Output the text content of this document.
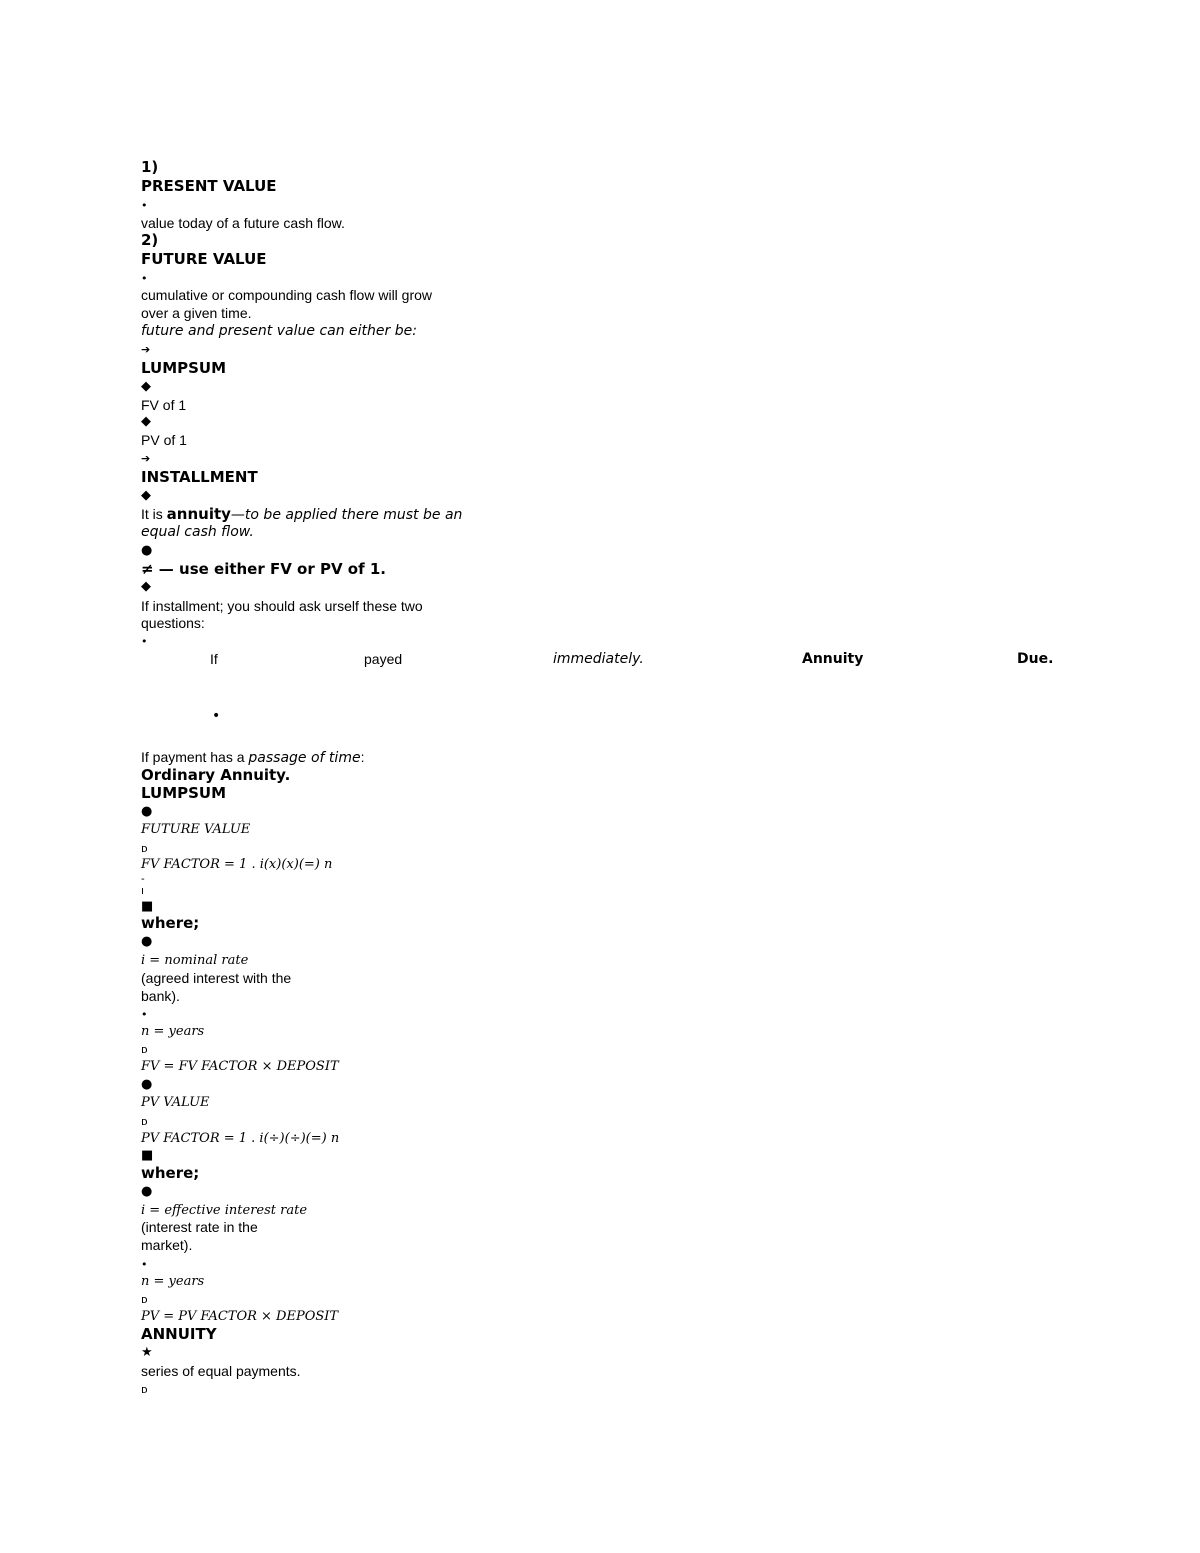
1)
PRESENT VALUE
•
value today of a future cash flow.
2)
FUTURE VALUE
•
cumulative or compounding cash flow will grow
over a given time.
future and present value can either be:
➔
LUMPSUM
◆
FV of 1
◆
PV of 1
➔
INSTALLMENT
◆
It is annuity—to be applied there must be an
equal cash flow.
●
≠ — use either FV or PV of 1.
◆
If installment; you should ask urself these two
questions:
•
If	payed	immediately.	Annuity	Due.
•
If payment has a passage of time:
Ordinary Annuity.
LUMPSUM
●
FUTURE VALUE
ᴅ
FV FACTOR = 1 . i(x)(x)(=) n
-
ı
■
where;
●
i = nominal rate
(agreed interest with the
bank).
•
n = years
ᴅ
FV = FV FACTOR × DEPOSIT
●
PV VALUE
ᴅ
PV FACTOR = 1 . i(÷)(÷)(=) n
■
where;
●
i = effective interest rate
(interest rate in the
market).
•
n = years
ᴅ
PV = PV FACTOR × DEPOSIT
ANNUITY
★
series of equal payments.
ᴅ
